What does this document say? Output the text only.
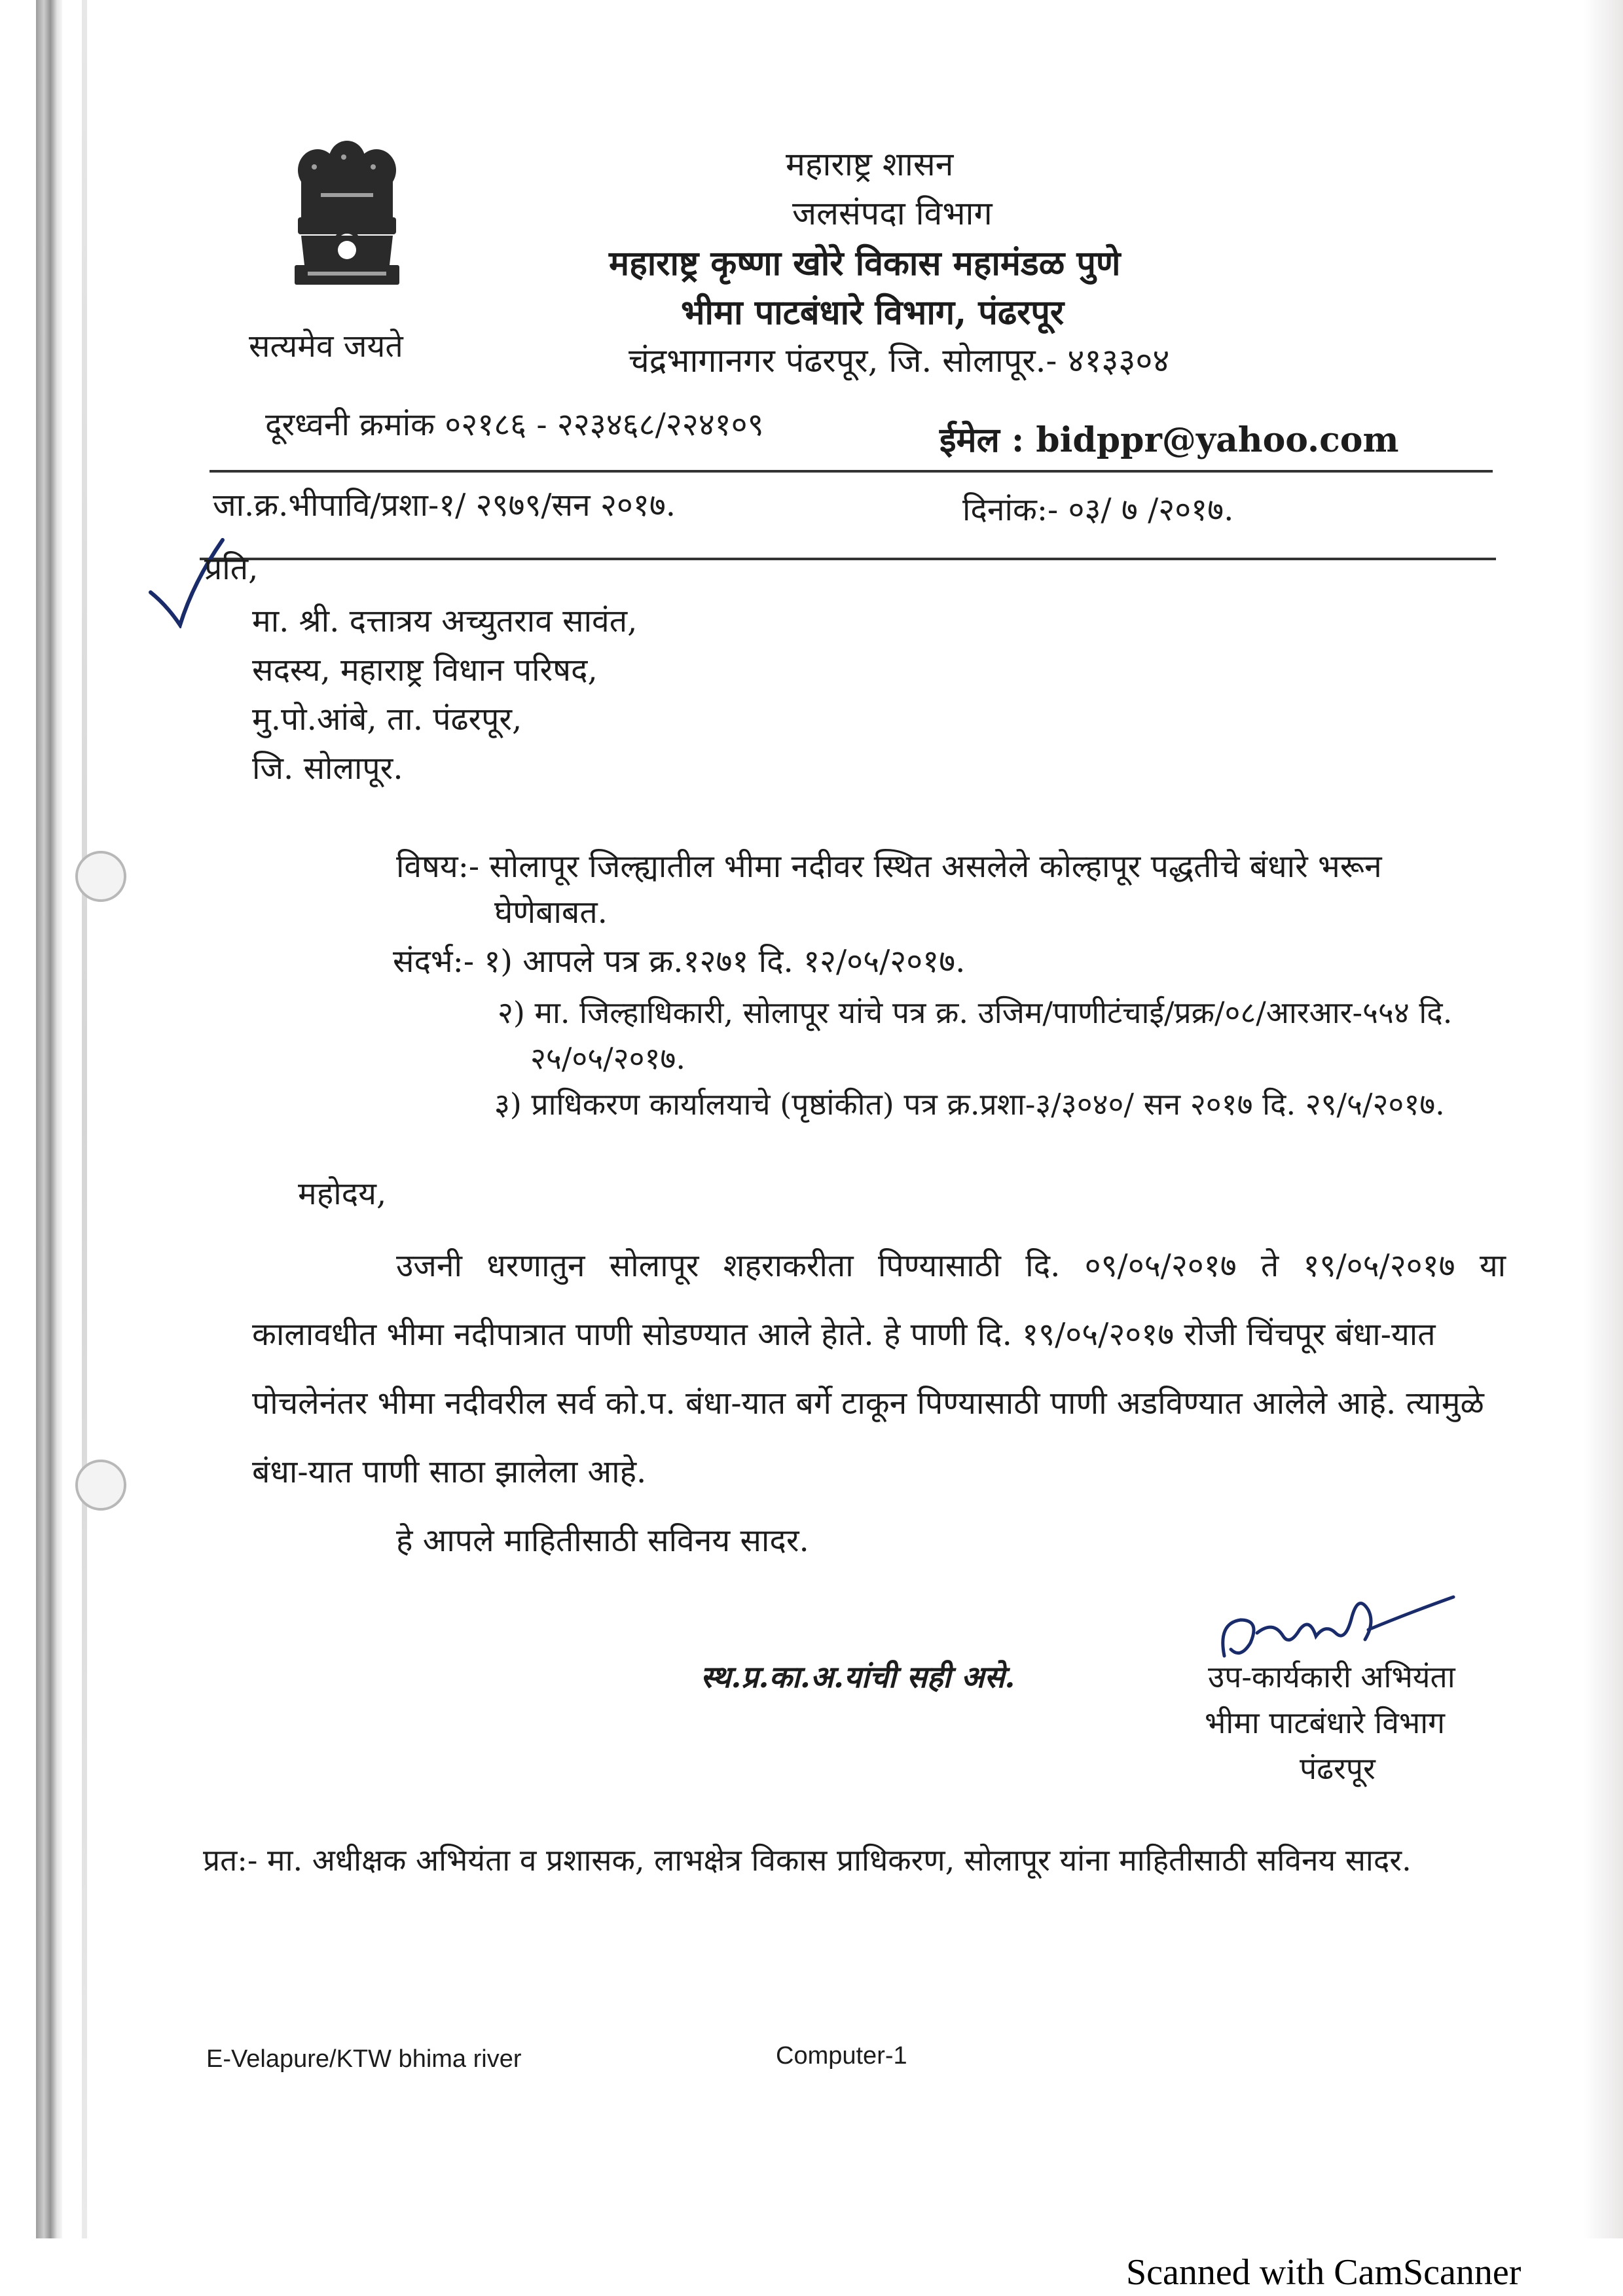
सत्यमेव जयते
महाराष्ट्र शासन
जलसंपदा विभाग
महाराष्ट्र कृष्णा खोरे विकास महामंडळ पुणे
भीमा पाटबंधारे विभाग, पंढरपूर
चंद्रभागानगर पंढरपूर, जि. सोलापूर.- ४१३३०४
दूरध्वनी क्रमांक ०२१८६ - २२३४६८/२२४१०९	ईमेल : bidppr@yahoo.com
जा.क्र.भीपावि/प्रशा-१/ २९७९/सन २०१७.	दिनांक:- ०३/ ७ /२०१७.
प्रति,
मा. श्री. दत्तात्रय अच्युतराव सावंत,
सदस्य, महाराष्ट्र विधान परिषद,
मु.पो.आंबे, ता. पंढरपूर,
जि. सोलापूर.
विषय:- सोलापूर जिल्ह्यातील भीमा नदीवर स्थित असलेले कोल्हापूर पद्धतीचे बंधारे भरून
घेणेबाबत.
संदर्भ:- १) आपले पत्र क्र.१२७१ दि. १२/०५/२०१७.
२) मा. जिल्हाधिकारी, सोलापूर यांचे पत्र क्र. उजिम/पाणीटंचाई/प्रक्र/०८/आरआर-५५४ दि.
२५/०५/२०१७.
३) प्राधिकरण कार्यालयाचे (पृष्ठांकीत) पत्र क्र.प्रशा-३/३०४०/ सन २०१७ दि. २९/५/२०१७.
महोदय,
उजनी धरणातुन सोलापूर शहराकरीता पिण्यासाठी दि. ०९/०५/२०१७ ते १९/०५/२०१७ या
कालावधीत भीमा नदीपात्रात पाणी सोडण्यात आले हेाते. हे पाणी दि. १९/०५/२०१७ रोजी चिंचपूर बंधा-यात
पोचलेनंतर भीमा नदीवरील सर्व को.प. बंधा-यात बर्गे टाकून पिण्यासाठी पाणी अडविण्यात आलेले आहे. त्यामुळे
बंधा-यात पाणी साठा झालेला आहे.
हे आपले माहितीसाठी सविनय सादर.
स्थ.प्र.का.अ.यांची सही असे.	उप-कार्यकारी अभियंता
भीमा पाटबंधारे विभाग
पंढरपूर
प्रत:- मा. अधीक्षक अभियंता व प्रशासक, लाभक्षेत्र विकास प्राधिकरण, सोलापूर यांना माहितीसाठी सविनय सादर.
E-Velapure/KTW bhima river	Computer-1
Scanned with CamScanner
